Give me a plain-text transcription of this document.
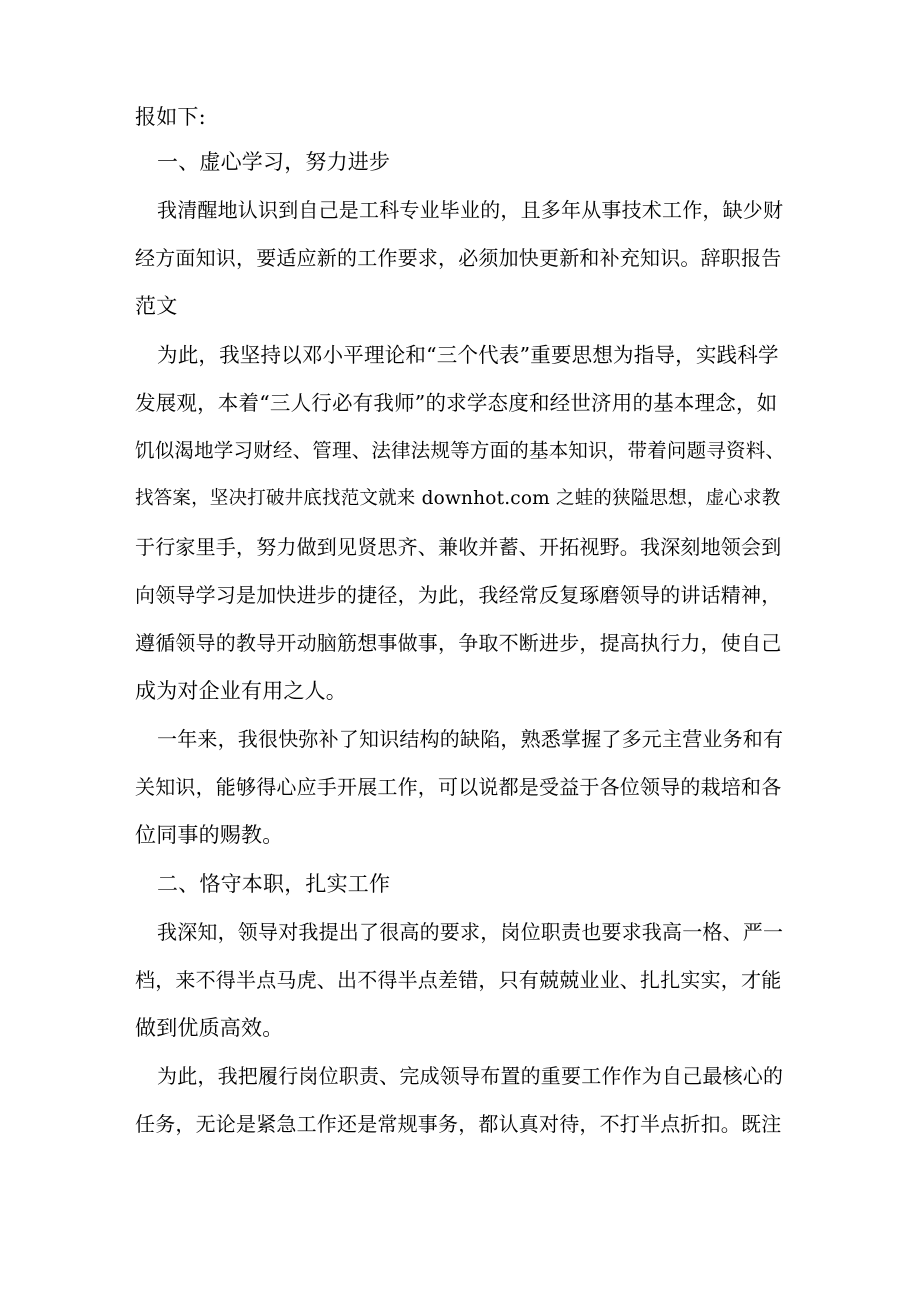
报如下:
一、虚心学习，努力进步
我清醒地认识到自己是工科专业毕业的，且多年从事技术工作，缺少财
经方面知识，要适应新的工作要求，必须加快更新和补充知识。辞职报告
范文
为此，我坚持以邓小平理论和“三个代表”重要思想为指导，实践科学
发展观，本着“三人行必有我师”的求学态度和经世济用的基本理念，如
饥似渴地学习财经、管理、法律法规等方面的基本知识，带着问题寻资料、
找答案，坚决打破井底找范文就来 downhot.com 之蛙的狭隘思想，虚心求教
于行家里手，努力做到见贤思齐、兼收并蓄、开拓视野。我深刻地领会到
向领导学习是加快进步的捷径，为此，我经常反复琢磨领导的讲话精神，
遵循领导的教导开动脑筋想事做事，争取不断进步，提高执行力，使自己
成为对企业有用之人。
一年来，我很快弥补了知识结构的缺陷，熟悉掌握了多元主营业务和有
关知识，能够得心应手开展工作，可以说都是受益于各位领导的栽培和各
位同事的赐教。
二、恪守本职，扎实工作
我深知，领导对我提出了很高的要求，岗位职责也要求我高一格、严一
档，来不得半点马虎、出不得半点差错，只有兢兢业业、扎扎实实，才能
做到优质高效。
为此，我把履行岗位职责、完成领导布置的重要工作作为自己最核心的
任务，无论是紧急工作还是常规事务，都认真对待，不打半点折扣。既注
